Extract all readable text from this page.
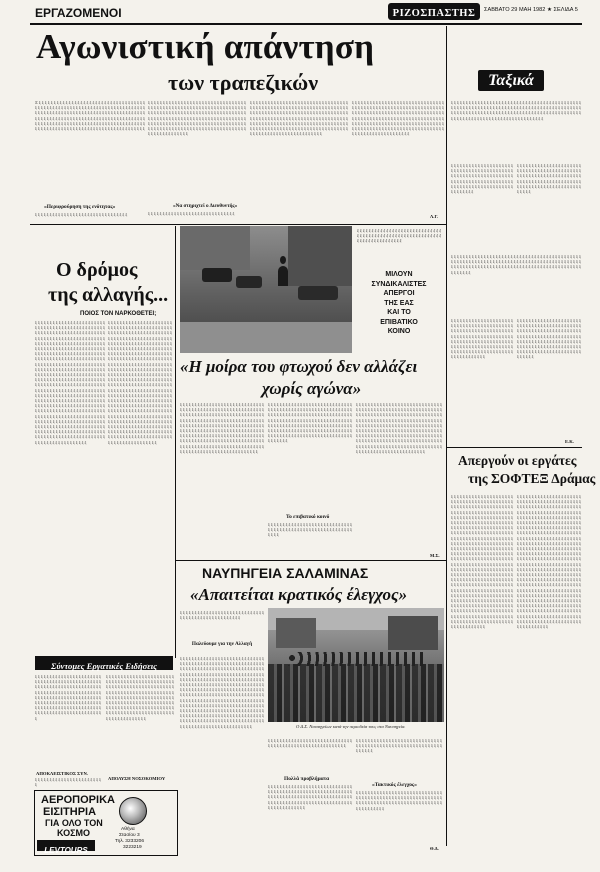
ΕΡΓΑΖΟΜΕΝΟΙ	ΡΙΖΟΣΠΑΣΤΗΣ	ΣΑΒΒΑΤΟ 29 ΜΑΗ 1982 ★ ΣΕΛΙΔΑ 5
Αγωνιστική απάντηση
των τραπεζικών
Ξ ξ ξ ξ ξ ξ ξ ξ ξ ξ ξ ξ ξ ξ ξ ξ ξ ξ ξ ξ ξ ξ ξ ξ ξ ξ ξ ξ ξ ξ ξ ξ ξ ξ ξ ξ ξ ξ ξ ξ ξ ξ ξ ξ ξ ξ ξ ξ ξ ξ ξ ξ ξ ξ ξ ξ ξ ξ ξ ξ ξ ξ ξ ξ ξ ξ ξ ξ ξ ξ ξ ξ ξ ξ ξ ξ ξ ξ ξ ξ ξ ξ ξ ξ ξ ξ ξ ξ ξ ξ ξ ξ ξ ξ ξ ξ ξ ξ ξ ξ ξ ξ ξ ξ ξ ξ ξ ξ ξ ξ ξ ξ ξ ξ ξ ξ ξ ξ ξ ξ ξ ξ ξ ξ ξ ξ ξ ξ ξ ξ ξ ξ ξ ξ ξ ξ ξ ξ ξ ξ ξ ξ ξ ξ ξ ξ ξ ξ ξ ξ ξ ξ ξ ξ ξ ξ ξ ξ ξ ξ ξ ξ ξ ξ ξ ξ ξ ξ ξ ξ ξ ξ ξ ξ ξ ξ ξ ξ ξ ξ ξ ξ ξ ξ ξ ξ ξ ξ ξ ξ ξ ξ ξ ξ ξ ξ ξ ξ ξ ξ ξ ξ ξ ξ ξ ξ ξ ξ ξ ξ ξ ξ ξ ξ ξ ξ ξ ξ ξ ξ ξ ξ ξ ξ ξ ξ ξ
«Περιφρούρηση της ενότητας»
ξ ξ ξ ξ ξ ξ ξ ξ ξ ξ ξ ξ ξ ξ ξ ξ ξ ξ ξ ξ ξ ξ ξ ξ ξ ξ ξ ξ ξ ξ ξ ξ
ξ ξ ξ ξ ξ ξ ξ ξ ξ ξ ξ ξ ξ ξ ξ ξ ξ ξ ξ ξ ξ ξ ξ ξ ξ ξ ξ ξ ξ ξ ξ ξ ξ ξ ξ ξ ξ ξ ξ ξ ξ ξ ξ ξ ξ ξ ξ ξ ξ ξ ξ ξ ξ ξ ξ ξ ξ ξ ξ ξ ξ ξ ξ ξ ξ ξ ξ ξ ξ ξ ξ ξ ξ ξ ξ ξ ξ ξ ξ ξ ξ ξ ξ ξ ξ ξ ξ ξ ξ ξ ξ ξ ξ ξ ξ ξ ξ ξ ξ ξ ξ ξ ξ ξ ξ ξ ξ ξ ξ ξ ξ ξ ξ ξ ξ ξ ξ ξ ξ ξ ξ ξ ξ ξ ξ ξ ξ ξ ξ ξ ξ ξ ξ ξ ξ ξ ξ ξ ξ ξ ξ ξ ξ ξ ξ ξ ξ ξ ξ ξ ξ ξ ξ ξ ξ ξ ξ ξ ξ ξ ξ ξ ξ ξ ξ ξ ξ ξ ξ ξ ξ ξ ξ ξ ξ ξ ξ ξ ξ ξ ξ ξ ξ ξ ξ ξ ξ ξ ξ ξ ξ ξ ξ ξ ξ ξ ξ ξ ξ ξ ξ ξ ξ ξ ξ ξ ξ ξ ξ ξ ξ ξ
«Να στηριχτεί ο Διευθυντής»
ξ ξ ξ ξ ξ ξ ξ ξ ξ ξ ξ ξ ξ ξ ξ ξ ξ ξ ξ ξ ξ ξ ξ ξ ξ ξ ξ ξ ξ ξ
ξ ξ ξ ξ ξ ξ ξ ξ ξ ξ ξ ξ ξ ξ ξ ξ ξ ξ ξ ξ ξ ξ ξ ξ ξ ξ ξ ξ ξ ξ ξ ξ ξ ξ ξ ξ ξ ξ ξ ξ ξ ξ ξ ξ ξ ξ ξ ξ ξ ξ ξ ξ ξ ξ ξ ξ ξ ξ ξ ξ ξ ξ ξ ξ ξ ξ ξ ξ ξ ξ ξ ξ ξ ξ ξ ξ ξ ξ ξ ξ ξ ξ ξ ξ ξ ξ ξ ξ ξ ξ ξ ξ ξ ξ ξ ξ ξ ξ ξ ξ ξ ξ ξ ξ ξ ξ ξ ξ ξ ξ ξ ξ ξ ξ ξ ξ ξ ξ ξ ξ ξ ξ ξ ξ ξ ξ ξ ξ ξ ξ ξ ξ ξ ξ ξ ξ ξ ξ ξ ξ ξ ξ ξ ξ ξ ξ ξ ξ ξ ξ ξ ξ ξ ξ ξ ξ ξ ξ ξ ξ ξ ξ ξ ξ ξ ξ ξ ξ ξ ξ ξ ξ ξ ξ ξ ξ ξ ξ ξ ξ ξ ξ ξ ξ ξ ξ ξ ξ ξ ξ ξ ξ ξ ξ ξ ξ ξ ξ ξ ξ ξ ξ ξ ξ ξ ξ ξ ξ ξ ξ ξ ξ ξ ξ ξ ξ ξ ξ ξ ξ ξ ξ ξ
ξ ξ ξ ξ ξ ξ ξ ξ ξ ξ ξ ξ ξ ξ ξ ξ ξ ξ ξ ξ ξ ξ ξ ξ ξ ξ ξ ξ ξ ξ ξ ξ ξ ξ ξ ξ ξ ξ ξ ξ ξ ξ ξ ξ ξ ξ ξ ξ ξ ξ ξ ξ ξ ξ ξ ξ ξ ξ ξ ξ ξ ξ ξ ξ ξ ξ ξ ξ ξ ξ ξ ξ ξ ξ ξ ξ ξ ξ ξ ξ ξ ξ ξ ξ ξ ξ ξ ξ ξ ξ ξ ξ ξ ξ ξ ξ ξ ξ ξ ξ ξ ξ ξ ξ ξ ξ ξ ξ ξ ξ ξ ξ ξ ξ ξ ξ ξ ξ ξ ξ ξ ξ ξ ξ ξ ξ ξ ξ ξ ξ ξ ξ ξ ξ ξ ξ ξ ξ ξ ξ ξ ξ ξ ξ ξ ξ ξ ξ ξ ξ ξ ξ ξ ξ ξ ξ ξ ξ ξ ξ ξ ξ ξ ξ ξ ξ ξ ξ ξ ξ ξ ξ ξ ξ ξ ξ ξ ξ ξ ξ ξ ξ ξ ξ ξ ξ ξ ξ ξ ξ ξ ξ ξ ξ ξ ξ ξ ξ ξ ξ ξ ξ ξ ξ ξ ξ
Λ.Γ.
Ταξικά
ξ ξ ξ ξ ξ ξ ξ ξ ξ ξ ξ ξ ξ ξ ξ ξ ξ ξ ξ ξ ξ ξ ξ ξ ξ ξ ξ ξ ξ ξ ξ ξ ξ ξ ξ ξ ξ ξ ξ ξ ξ ξ ξ ξ ξ ξ ξ ξ ξ ξ ξ ξ ξ ξ ξ ξ ξ ξ ξ ξ ξ ξ ξ ξ ξ ξ ξ ξ ξ ξ ξ ξ ξ ξ ξ ξ ξ ξ ξ ξ ξ ξ ξ ξ ξ ξ ξ ξ ξ ξ ξ ξ ξ ξ ξ ξ ξ ξ ξ ξ ξ ξ ξ ξ ξ ξ ξ ξ ξ ξ ξ ξ ξ ξ ξ ξ ξ ξ ξ ξ ξ ξ ξ ξ ξ ξ ξ ξ ξ ξ ξ ξ ξ ξ ξ ξ ξ ξ ξ ξ ξ ξ ξ ξ ξ ξ ξ ξ ξ ξ ξ ξ ξ ξ ξ ξ ξ ξ ξ ξ ξ ξ ξ ξ
ξ ξ ξ ξ ξ ξ ξ ξ ξ ξ ξ ξ ξ ξ ξ ξ ξ ξ ξ ξ ξ ξ ξ ξ ξ ξ ξ ξ ξ ξ ξ ξ ξ ξ ξ ξ ξ ξ ξ ξ ξ ξ ξ ξ ξ ξ ξ ξ ξ ξ ξ ξ ξ ξ ξ ξ ξ ξ ξ ξ ξ ξ ξ ξ ξ ξ ξ ξ ξ ξ ξ ξ ξ ξ ξ ξ ξ ξ ξ ξ ξ ξ ξ ξ ξ ξ ξ ξ ξ ξ ξ ξ ξ ξ ξ ξ ξ ξ ξ ξ ξ ξ ξ ξ ξ ξ ξ ξ ξ ξ ξ ξ ξ
ξ ξ ξ ξ ξ ξ ξ ξ ξ ξ ξ ξ ξ ξ ξ ξ ξ ξ ξ ξ ξ ξ ξ ξ ξ ξ ξ ξ ξ ξ ξ ξ ξ ξ ξ ξ ξ ξ ξ ξ ξ ξ ξ ξ ξ ξ ξ ξ ξ ξ ξ ξ ξ ξ ξ ξ ξ ξ ξ ξ ξ ξ ξ ξ ξ ξ ξ ξ ξ ξ ξ ξ ξ ξ ξ ξ ξ ξ ξ ξ ξ ξ ξ ξ ξ ξ ξ ξ ξ ξ ξ ξ ξ ξ ξ ξ ξ ξ ξ ξ ξ ξ ξ ξ ξ ξ ξ ξ ξ ξ ξ ξ ξ ξ ξ
ξ ξ ξ ξ ξ ξ ξ ξ ξ ξ ξ ξ ξ ξ ξ ξ ξ ξ ξ ξ ξ ξ ξ ξ ξ ξ ξ ξ ξ ξ ξ ξ ξ ξ ξ ξ ξ ξ ξ ξ ξ ξ ξ ξ ξ ξ ξ ξ ξ ξ ξ ξ ξ ξ ξ ξ ξ ξ ξ ξ ξ ξ ξ ξ ξ ξ ξ ξ ξ ξ ξ ξ ξ ξ ξ ξ ξ ξ ξ ξ ξ ξ ξ ξ ξ ξ ξ ξ ξ ξ ξ ξ ξ ξ ξ ξ ξ ξ ξ ξ ξ ξ ξ ξ ξ ξ ξ ξ ξ ξ ξ ξ ξ ξ ξ ξ ξ ξ ξ ξ ξ ξ ξ ξ ξ ξ ξ ξ ξ ξ ξ ξ ξ ξ ξ ξ ξ ξ ξ
ξ ξ ξ ξ ξ ξ ξ ξ ξ ξ ξ ξ ξ ξ ξ ξ ξ ξ ξ ξ ξ ξ ξ ξ ξ ξ ξ ξ ξ ξ ξ ξ ξ ξ ξ ξ ξ ξ ξ ξ ξ ξ ξ ξ ξ ξ ξ ξ ξ ξ ξ ξ ξ ξ ξ ξ ξ ξ ξ ξ ξ ξ ξ ξ ξ ξ ξ ξ ξ ξ ξ ξ ξ ξ ξ ξ ξ ξ ξ ξ ξ ξ ξ ξ ξ ξ ξ ξ ξ ξ ξ ξ ξ ξ ξ ξ ξ ξ ξ ξ ξ ξ ξ ξ ξ ξ ξ ξ ξ ξ ξ ξ ξ ξ ξ ξ ξ ξ ξ ξ ξ ξ ξ ξ ξ ξ ξ ξ ξ ξ ξ ξ ξ ξ ξ ξ ξ ξ ξ ξ ξ ξ ξ ξ ξ ξ ξ ξ ξ ξ ξ ξ ξ ξ ξ ξ ξ ξ ξ
ξ ξ ξ ξ ξ ξ ξ ξ ξ ξ ξ ξ ξ ξ ξ ξ ξ ξ ξ ξ ξ ξ ξ ξ ξ ξ ξ ξ ξ ξ ξ ξ ξ ξ ξ ξ ξ ξ ξ ξ ξ ξ ξ ξ ξ ξ ξ ξ ξ ξ ξ ξ ξ ξ ξ ξ ξ ξ ξ ξ ξ ξ ξ ξ ξ ξ ξ ξ ξ ξ ξ ξ ξ ξ ξ ξ ξ ξ ξ ξ ξ ξ ξ ξ ξ ξ ξ ξ ξ ξ ξ ξ ξ ξ ξ ξ ξ ξ ξ ξ ξ ξ ξ ξ ξ ξ ξ ξ ξ ξ ξ ξ ξ ξ ξ ξ ξ ξ ξ ξ ξ ξ ξ ξ ξ ξ ξ ξ ξ ξ ξ ξ ξ ξ ξ ξ ξ ξ ξ ξ ξ ξ ξ ξ ξ ξ ξ ξ ξ ξ ξ ξ ξ ξ ξ ξ ξ ξ ξ ξ
Ε.Κ.
Απεργούν οι εργάτες
της ΣΟΦΤΕΞ Δράμας
ξ ξ ξ ξ ξ ξ ξ ξ ξ ξ ξ ξ ξ ξ ξ ξ ξ ξ ξ ξ ξ ξ ξ ξ ξ ξ ξ ξ ξ ξ ξ ξ ξ ξ ξ ξ ξ ξ ξ ξ ξ ξ ξ ξ ξ ξ ξ ξ ξ ξ ξ ξ ξ ξ ξ ξ ξ ξ ξ ξ ξ ξ ξ ξ ξ ξ ξ ξ ξ ξ ξ ξ ξ ξ ξ ξ ξ ξ ξ ξ ξ ξ ξ ξ ξ ξ ξ ξ ξ ξ ξ ξ ξ ξ ξ ξ ξ ξ ξ ξ ξ ξ ξ ξ ξ ξ ξ ξ ξ ξ ξ ξ ξ ξ ξ ξ ξ ξ ξ ξ ξ ξ ξ ξ ξ ξ ξ ξ ξ ξ ξ ξ ξ ξ ξ ξ ξ ξ ξ ξ ξ ξ ξ ξ ξ ξ ξ ξ ξ ξ ξ ξ ξ ξ ξ ξ ξ ξ ξ ξ ξ ξ ξ ξ ξ ξ ξ ξ ξ ξ ξ ξ ξ ξ ξ ξ ξ ξ ξ ξ ξ ξ ξ ξ ξ ξ ξ ξ ξ ξ ξ ξ ξ ξ ξ ξ ξ ξ ξ ξ ξ ξ ξ ξ ξ ξ ξ ξ ξ ξ ξ ξ ξ ξ ξ ξ ξ ξ ξ ξ ξ ξ ξ ξ ξ ξ ξ ξ ξ ξ ξ ξ ξ ξ ξ ξ ξ ξ ξ ξ ξ ξ ξ ξ ξ ξ ξ ξ ξ ξ ξ ξ ξ ξ ξ ξ ξ ξ ξ ξ ξ ξ ξ ξ ξ ξ ξ ξ ξ ξ ξ ξ ξ ξ ξ ξ ξ ξ ξ ξ ξ ξ ξ ξ ξ ξ ξ ξ ξ ξ ξ ξ ξ ξ ξ ξ ξ ξ ξ ξ ξ ξ ξ ξ ξ ξ ξ ξ ξ ξ ξ ξ ξ ξ ξ ξ ξ ξ ξ ξ ξ ξ ξ ξ ξ ξ ξ ξ ξ ξ ξ ξ ξ ξ ξ ξ ξ ξ ξ ξ ξ ξ ξ ξ ξ ξ ξ ξ ξ ξ ξ ξ ξ ξ ξ ξ ξ ξ ξ ξ ξ ξ ξ ξ ξ ξ ξ ξ ξ ξ ξ ξ ξ ξ ξ ξ ξ ξ ξ ξ ξ ξ ξ ξ ξ ξ ξ ξ ξ ξ ξ ξ ξ ξ ξ ξ ξ ξ ξ ξ ξ ξ ξ ξ ξ ξ ξ ξ ξ ξ ξ ξ ξ ξ ξ ξ ξ ξ ξ ξ ξ ξ ξ ξ ξ ξ ξ ξ ξ ξ ξ ξ ξ ξ ξ ξ ξ ξ ξ ξ ξ ξ ξ ξ ξ ξ ξ ξ ξ ξ ξ ξ ξ ξ ξ ξ ξ ξ ξ ξ ξ ξ ξ ξ ξ ξ ξ ξ ξ ξ ξ ξ ξ ξ ξ ξ ξ ξ ξ ξ ξ ξ ξ ξ ξ ξ ξ ξ ξ ξ ξ ξ ξ ξ ξ ξ ξ ξ ξ ξ ξ ξ ξ ξ ξ ξ ξ ξ ξ ξ ξ ξ ξ ξ ξ ξ ξ ξ ξ ξ ξ ξ ξ ξ ξ ξ ξ ξ ξ ξ ξ ξ ξ ξ ξ ξ ξ
ξ ξ ξ ξ ξ ξ ξ ξ ξ ξ ξ ξ ξ ξ ξ ξ ξ ξ ξ ξ ξ ξ ξ ξ ξ ξ ξ ξ ξ ξ ξ ξ ξ ξ ξ ξ ξ ξ ξ ξ ξ ξ ξ ξ ξ ξ ξ ξ ξ ξ ξ ξ ξ ξ ξ ξ ξ ξ ξ ξ ξ ξ ξ ξ ξ ξ ξ ξ ξ ξ ξ ξ ξ ξ ξ ξ ξ ξ ξ ξ ξ ξ ξ ξ ξ ξ ξ ξ ξ ξ ξ ξ ξ ξ ξ ξ ξ ξ ξ ξ ξ ξ ξ ξ ξ ξ ξ ξ ξ ξ ξ ξ ξ ξ ξ ξ ξ ξ ξ ξ ξ ξ ξ ξ ξ ξ ξ ξ ξ ξ ξ ξ ξ ξ ξ ξ ξ ξ ξ ξ ξ ξ ξ ξ ξ ξ ξ ξ ξ ξ ξ ξ ξ ξ ξ ξ ξ ξ ξ ξ ξ ξ ξ ξ ξ ξ ξ ξ ξ ξ ξ ξ ξ ξ ξ ξ ξ ξ ξ ξ ξ ξ ξ ξ ξ ξ ξ ξ ξ ξ ξ ξ ξ ξ ξ ξ ξ ξ ξ ξ ξ ξ ξ ξ ξ ξ ξ ξ ξ ξ ξ ξ ξ ξ ξ ξ ξ ξ ξ ξ ξ ξ ξ ξ ξ ξ ξ ξ ξ ξ ξ ξ ξ ξ ξ ξ ξ ξ ξ ξ ξ ξ ξ ξ ξ ξ ξ ξ ξ ξ ξ ξ ξ ξ ξ ξ ξ ξ ξ ξ ξ ξ ξ ξ ξ ξ ξ ξ ξ ξ ξ ξ ξ ξ ξ ξ ξ ξ ξ ξ ξ ξ ξ ξ ξ ξ ξ ξ ξ ξ ξ ξ ξ ξ ξ ξ ξ ξ ξ ξ ξ ξ ξ ξ ξ ξ ξ ξ ξ ξ ξ ξ ξ ξ ξ ξ ξ ξ ξ ξ ξ ξ ξ ξ ξ ξ ξ ξ ξ ξ ξ ξ ξ ξ ξ ξ ξ ξ ξ ξ ξ ξ ξ ξ ξ ξ ξ ξ ξ ξ ξ ξ ξ ξ ξ ξ ξ ξ ξ ξ ξ ξ ξ ξ ξ ξ ξ ξ ξ ξ ξ ξ ξ ξ ξ ξ ξ ξ ξ ξ ξ ξ ξ ξ ξ ξ ξ ξ ξ ξ ξ ξ ξ ξ ξ ξ ξ ξ ξ ξ ξ ξ ξ ξ ξ ξ ξ ξ ξ ξ ξ ξ ξ ξ ξ ξ ξ ξ ξ ξ ξ ξ ξ ξ ξ ξ ξ ξ ξ ξ ξ ξ ξ ξ ξ ξ ξ ξ ξ ξ ξ ξ ξ ξ ξ ξ ξ ξ ξ ξ ξ ξ ξ ξ ξ ξ ξ ξ ξ ξ ξ ξ ξ ξ ξ ξ ξ ξ ξ ξ ξ ξ ξ ξ ξ ξ ξ ξ ξ ξ ξ ξ ξ ξ ξ ξ ξ ξ ξ ξ ξ ξ ξ ξ ξ ξ ξ ξ ξ ξ ξ ξ ξ ξ ξ ξ ξ ξ ξ ξ ξ ξ ξ ξ ξ ξ ξ ξ ξ ξ ξ ξ ξ ξ ξ ξ ξ ξ ξ ξ ξ ξ ξ ξ ξ ξ ξ ξ ξ ξ ξ ξ ξ ξ ξ ξ ξ ξ ξ ξ ξ ξ ξ ξ ξ ξ ξ ξ ξ ξ ξ
Ο δρόμος
της αλλαγής...
ΠΟΙΟΣ ΤΟΝ ΝΑΡΚΟΘΕΤΕΙ;
ξ ξ ξ ξ ξ ξ ξ ξ ξ ξ ξ ξ ξ ξ ξ ξ ξ ξ ξ ξ ξ ξ ξ ξ ξ ξ ξ ξ ξ ξ ξ ξ ξ ξ ξ ξ ξ ξ ξ ξ ξ ξ ξ ξ ξ ξ ξ ξ ξ ξ ξ ξ ξ ξ ξ ξ ξ ξ ξ ξ ξ ξ ξ ξ ξ ξ ξ ξ ξ ξ ξ ξ ξ ξ ξ ξ ξ ξ ξ ξ ξ ξ ξ ξ ξ ξ ξ ξ ξ ξ ξ ξ ξ ξ ξ ξ ξ ξ ξ ξ ξ ξ ξ ξ ξ ξ ξ ξ ξ ξ ξ ξ ξ ξ ξ ξ ξ ξ ξ ξ ξ ξ ξ ξ ξ ξ ξ ξ ξ ξ ξ ξ ξ ξ ξ ξ ξ ξ ξ ξ ξ ξ ξ ξ ξ ξ ξ ξ ξ ξ ξ ξ ξ ξ ξ ξ ξ ξ ξ ξ ξ ξ ξ ξ ξ ξ ξ ξ ξ ξ ξ ξ ξ ξ ξ ξ ξ ξ ξ ξ ξ ξ ξ ξ ξ ξ ξ ξ ξ ξ ξ ξ ξ ξ ξ ξ ξ ξ ξ ξ ξ ξ ξ ξ ξ ξ ξ ξ ξ ξ ξ ξ ξ ξ ξ ξ ξ ξ ξ ξ ξ ξ ξ ξ ξ ξ ξ ξ ξ ξ ξ ξ ξ ξ ξ ξ ξ ξ ξ ξ ξ ξ ξ ξ ξ ξ ξ ξ ξ ξ ξ ξ ξ ξ ξ ξ ξ ξ ξ ξ ξ ξ ξ ξ ξ ξ ξ ξ ξ ξ ξ ξ ξ ξ ξ ξ ξ ξ ξ ξ ξ ξ ξ ξ ξ ξ ξ ξ ξ ξ ξ ξ ξ ξ ξ ξ ξ ξ ξ ξ ξ ξ ξ ξ ξ ξ ξ ξ ξ ξ ξ ξ ξ ξ ξ ξ ξ ξ ξ ξ ξ ξ ξ ξ ξ ξ ξ ξ ξ ξ ξ ξ ξ ξ ξ ξ ξ ξ ξ ξ ξ ξ ξ ξ ξ ξ ξ ξ ξ ξ ξ ξ ξ ξ ξ ξ ξ ξ ξ ξ ξ ξ ξ ξ ξ ξ ξ ξ ξ ξ ξ ξ ξ ξ ξ ξ ξ ξ ξ ξ ξ ξ ξ ξ ξ ξ ξ ξ ξ ξ ξ ξ ξ ξ ξ ξ ξ ξ ξ ξ ξ ξ ξ ξ ξ ξ ξ ξ ξ ξ ξ ξ ξ ξ ξ ξ ξ ξ ξ ξ ξ ξ ξ ξ ξ ξ ξ ξ ξ ξ ξ ξ ξ ξ ξ ξ ξ ξ ξ ξ ξ ξ ξ ξ ξ ξ ξ ξ ξ ξ ξ ξ ξ ξ ξ ξ ξ ξ ξ ξ ξ ξ ξ ξ ξ ξ ξ ξ ξ ξ ξ ξ ξ ξ ξ ξ ξ ξ ξ ξ ξ ξ ξ ξ ξ ξ ξ ξ ξ ξ ξ ξ ξ ξ ξ ξ ξ ξ ξ ξ ξ ξ ξ ξ ξ ξ ξ ξ ξ ξ ξ ξ ξ ξ ξ ξ ξ ξ ξ ξ ξ ξ ξ ξ ξ ξ ξ ξ ξ ξ ξ ξ ξ ξ ξ ξ ξ ξ ξ ξ ξ ξ ξ ξ ξ ξ ξ ξ ξ ξ ξ ξ ξ ξ ξ ξ ξ ξ ξ ξ ξ ξ ξ ξ ξ ξ ξ ξ ξ ξ
ξ ξ ξ ξ ξ ξ ξ ξ ξ ξ ξ ξ ξ ξ ξ ξ ξ ξ ξ ξ ξ ξ ξ ξ ξ ξ ξ ξ ξ ξ ξ ξ ξ ξ ξ ξ ξ ξ ξ ξ ξ ξ ξ ξ ξ ξ ξ ξ ξ ξ ξ ξ ξ ξ ξ ξ ξ ξ ξ ξ ξ ξ ξ ξ ξ ξ ξ ξ ξ ξ ξ ξ ξ ξ ξ ξ ξ ξ ξ ξ ξ ξ ξ ξ ξ ξ ξ ξ ξ ξ ξ ξ ξ ξ ξ ξ ξ ξ ξ ξ ξ ξ ξ ξ ξ ξ ξ ξ ξ ξ ξ ξ ξ ξ ξ ξ ξ ξ ξ ξ ξ ξ ξ ξ ξ ξ ξ ξ ξ ξ ξ ξ ξ ξ ξ ξ ξ ξ ξ ξ ξ ξ ξ ξ ξ ξ ξ ξ ξ ξ ξ ξ ξ ξ ξ ξ ξ ξ ξ ξ ξ ξ ξ ξ ξ ξ ξ ξ ξ ξ ξ ξ ξ ξ ξ ξ ξ ξ ξ ξ ξ ξ ξ ξ ξ ξ ξ ξ ξ ξ ξ ξ ξ ξ ξ ξ ξ ξ ξ ξ ξ ξ ξ ξ ξ ξ ξ ξ ξ ξ ξ ξ ξ ξ ξ ξ ξ ξ ξ ξ ξ ξ ξ ξ ξ ξ ξ ξ ξ ξ ξ ξ ξ ξ ξ ξ ξ ξ ξ ξ ξ ξ ξ ξ ξ ξ ξ ξ ξ ξ ξ ξ ξ ξ ξ ξ ξ ξ ξ ξ ξ ξ ξ ξ ξ ξ ξ ξ ξ ξ ξ ξ ξ ξ ξ ξ ξ ξ ξ ξ ξ ξ ξ ξ ξ ξ ξ ξ ξ ξ ξ ξ ξ ξ ξ ξ ξ ξ ξ ξ ξ ξ ξ ξ ξ ξ ξ ξ ξ ξ ξ ξ ξ ξ ξ ξ ξ ξ ξ ξ ξ ξ ξ ξ ξ ξ ξ ξ ξ ξ ξ ξ ξ ξ ξ ξ ξ ξ ξ ξ ξ ξ ξ ξ ξ ξ ξ ξ ξ ξ ξ ξ ξ ξ ξ ξ ξ ξ ξ ξ ξ ξ ξ ξ ξ ξ ξ ξ ξ ξ ξ ξ ξ ξ ξ ξ ξ ξ ξ ξ ξ ξ ξ ξ ξ ξ ξ ξ ξ ξ ξ ξ ξ ξ ξ ξ ξ ξ ξ ξ ξ ξ ξ ξ ξ ξ ξ ξ ξ ξ ξ ξ ξ ξ ξ ξ ξ ξ ξ ξ ξ ξ ξ ξ ξ ξ ξ ξ ξ ξ ξ ξ ξ ξ ξ ξ ξ ξ ξ ξ ξ ξ ξ ξ ξ ξ ξ ξ ξ ξ ξ ξ ξ ξ ξ ξ ξ ξ ξ ξ ξ ξ ξ ξ ξ ξ ξ ξ ξ ξ ξ ξ ξ ξ ξ ξ ξ ξ ξ ξ ξ ξ ξ ξ ξ ξ ξ ξ ξ ξ ξ ξ ξ ξ ξ ξ ξ ξ ξ ξ ξ ξ ξ ξ ξ ξ ξ ξ ξ ξ ξ ξ ξ ξ ξ ξ ξ ξ ξ ξ ξ ξ ξ
Σύντομες Εργατικές Ειδήσεις
ξ ξ ξ ξ ξ ξ ξ ξ ξ ξ ξ ξ ξ ξ ξ ξ ξ ξ ξ ξ ξ ξ ξ ξ ξ ξ ξ ξ ξ ξ ξ ξ ξ ξ ξ ξ ξ ξ ξ ξ ξ ξ ξ ξ ξ ξ ξ ξ ξ ξ ξ ξ ξ ξ ξ ξ ξ ξ ξ ξ ξ ξ ξ ξ ξ ξ ξ ξ ξ ξ ξ ξ ξ ξ ξ ξ ξ ξ ξ ξ ξ ξ ξ ξ ξ ξ ξ ξ ξ ξ ξ ξ ξ ξ ξ ξ ξ ξ ξ ξ ξ ξ ξ ξ ξ ξ ξ ξ ξ ξ ξ ξ ξ ξ ξ ξ ξ ξ ξ ξ ξ ξ ξ ξ ξ ξ ξ ξ ξ ξ ξ ξ ξ ξ ξ ξ ξ ξ ξ ξ ξ ξ ξ ξ ξ ξ ξ ξ ξ ξ ξ ξ ξ ξ ξ ξ ξ ξ ξ ξ ξ ξ ξ ξ ξ ξ ξ ξ ξ ξ ξ ξ ξ ξ ξ ξ ξ ξ ξ ξ ξ ξ ξ ξ ξ
ΑΠΟΚΛΕΙΣΤΙΚΟΣ ΣΥΝ.
ξ ξ ξ ξ ξ ξ ξ ξ ξ ξ ξ ξ ξ ξ ξ ξ ξ ξ ξ ξ ξ ξ ξ ξ
ξ ξ ξ ξ ξ ξ ξ ξ ξ ξ ξ ξ ξ ξ ξ ξ ξ ξ ξ ξ ξ ξ ξ ξ ξ ξ ξ ξ ξ ξ ξ ξ ξ ξ ξ ξ ξ ξ ξ ξ ξ ξ ξ ξ ξ ξ ξ ξ ξ ξ ξ ξ ξ ξ ξ ξ ξ ξ ξ ξ ξ ξ ξ ξ ξ ξ ξ ξ ξ ξ ξ ξ ξ ξ ξ ξ ξ ξ ξ ξ ξ ξ ξ ξ ξ ξ ξ ξ ξ ξ ξ ξ ξ ξ ξ ξ ξ ξ ξ ξ ξ ξ ξ ξ ξ ξ ξ ξ ξ ξ ξ ξ ξ ξ ξ ξ ξ ξ ξ ξ ξ ξ ξ ξ ξ ξ ξ ξ ξ ξ ξ ξ ξ ξ ξ ξ ξ ξ ξ ξ ξ ξ ξ ξ ξ ξ ξ ξ ξ ξ ξ ξ ξ ξ ξ ξ ξ ξ ξ ξ ξ ξ ξ ξ ξ ξ ξ ξ ξ ξ ξ ξ ξ ξ ξ ξ ξ ξ ξ ξ ξ ξ ξ ξ ξ ξ ξ ξ ξ ξ ξ ξ ξ ξ ξ ξ ξ ξ
ΑΠΟΛΥΣΗ ΝΟΣΟΚΟΜΙΟΥ
ΑΕΡΟΠΟΡΙΚΑ
ΕΙΣΙΤΗΡΙΑ
ΓΙΑ ΟΛΟ ΤΟΝ
ΚΟΣΜΟ
LEVTOURS
Αθήνα
Στασίου 3
Τηλ. 3233206
3223219
ξ ξ ξ ξ ξ ξ ξ ξ ξ ξ ξ ξ ξ ξ ξ ξ ξ ξ ξ ξ ξ ξ ξ ξ ξ ξ ξ ξ ξ ξ ξ ξ ξ ξ ξ ξ ξ ξ ξ ξ ξ ξ ξ ξ ξ ξ ξ ξ ξ ξ ξ ξ ξ ξ ξ ξ ξ ξ ξ ξ ξ ξ ξ ξ ξ ξ ξ ξ ξ ξ ξ ξ ξ ξ
ΜΙΛΟΥΝ
ΣΥΝΔΙΚΑΛΙΣΤΕΣ
ΑΠΕΡΓΟΙ
ΤΗΣ ΕΑΣ
ΚΑΙ ΤΟ
ΕΠΙΒΑΤΙΚΟ
ΚΟΙΝΟ
«Η μοίρα του φτωχού δεν αλλάζει
χωρίς αγώνα»
ξ ξ ξ ξ ξ ξ ξ ξ ξ ξ ξ ξ ξ ξ ξ ξ ξ ξ ξ ξ ξ ξ ξ ξ ξ ξ ξ ξ ξ ξ ξ ξ ξ ξ ξ ξ ξ ξ ξ ξ ξ ξ ξ ξ ξ ξ ξ ξ ξ ξ ξ ξ ξ ξ ξ ξ ξ ξ ξ ξ ξ ξ ξ ξ ξ ξ ξ ξ ξ ξ ξ ξ ξ ξ ξ ξ ξ ξ ξ ξ ξ ξ ξ ξ ξ ξ ξ ξ ξ ξ ξ ξ ξ ξ ξ ξ ξ ξ ξ ξ ξ ξ ξ ξ ξ ξ ξ ξ ξ ξ ξ ξ ξ ξ ξ ξ ξ ξ ξ ξ ξ ξ ξ ξ ξ ξ ξ ξ ξ ξ ξ ξ ξ ξ ξ ξ ξ ξ ξ ξ ξ ξ ξ ξ ξ ξ ξ ξ ξ ξ ξ ξ ξ ξ ξ ξ ξ ξ ξ ξ ξ ξ ξ ξ ξ ξ ξ ξ ξ ξ ξ ξ ξ ξ ξ ξ ξ ξ ξ ξ ξ ξ ξ ξ ξ ξ ξ ξ ξ ξ ξ ξ ξ ξ ξ ξ ξ ξ ξ ξ ξ ξ ξ ξ ξ ξ ξ ξ ξ ξ ξ ξ ξ ξ ξ ξ ξ ξ ξ ξ ξ ξ ξ ξ ξ ξ ξ ξ ξ ξ ξ ξ ξ ξ ξ ξ ξ ξ ξ ξ ξ ξ ξ ξ ξ ξ ξ ξ ξ ξ ξ ξ ξ ξ ξ ξ ξ ξ ξ ξ ξ ξ ξ ξ ξ ξ ξ ξ ξ ξ ξ ξ ξ ξ ξ ξ ξ ξ ξ ξ ξ ξ ξ ξ ξ ξ ξ ξ
ξ ξ ξ ξ ξ ξ ξ ξ ξ ξ ξ ξ ξ ξ ξ ξ ξ ξ ξ ξ ξ ξ ξ ξ ξ ξ ξ ξ ξ ξ ξ ξ ξ ξ ξ ξ ξ ξ ξ ξ ξ ξ ξ ξ ξ ξ ξ ξ ξ ξ ξ ξ ξ ξ ξ ξ ξ ξ ξ ξ ξ ξ ξ ξ ξ ξ ξ ξ ξ ξ ξ ξ ξ ξ ξ ξ ξ ξ ξ ξ ξ ξ ξ ξ ξ ξ ξ ξ ξ ξ ξ ξ ξ ξ ξ ξ ξ ξ ξ ξ ξ ξ ξ ξ ξ ξ ξ ξ ξ ξ ξ ξ ξ ξ ξ ξ ξ ξ ξ ξ ξ ξ ξ ξ ξ ξ ξ ξ ξ ξ ξ ξ ξ ξ ξ ξ ξ ξ ξ ξ ξ ξ ξ ξ ξ ξ ξ ξ ξ ξ ξ ξ ξ ξ ξ ξ ξ ξ ξ ξ ξ ξ ξ ξ ξ ξ ξ ξ ξ ξ ξ ξ ξ ξ ξ ξ ξ ξ ξ ξ ξ ξ ξ ξ ξ ξ ξ ξ ξ ξ ξ ξ ξ ξ ξ ξ ξ ξ ξ ξ ξ ξ ξ ξ ξ ξ ξ ξ ξ ξ
Το επιβατικό κοινό
ξ ξ ξ ξ ξ ξ ξ ξ ξ ξ ξ ξ ξ ξ ξ ξ ξ ξ ξ ξ ξ ξ ξ ξ ξ ξ ξ ξ ξ ξ ξ ξ ξ ξ ξ ξ ξ ξ ξ ξ ξ ξ ξ ξ ξ ξ ξ ξ ξ ξ ξ ξ ξ ξ ξ ξ ξ ξ ξ ξ ξ ξ
ξ ξ ξ ξ ξ ξ ξ ξ ξ ξ ξ ξ ξ ξ ξ ξ ξ ξ ξ ξ ξ ξ ξ ξ ξ ξ ξ ξ ξ ξ ξ ξ ξ ξ ξ ξ ξ ξ ξ ξ ξ ξ ξ ξ ξ ξ ξ ξ ξ ξ ξ ξ ξ ξ ξ ξ ξ ξ ξ ξ ξ ξ ξ ξ ξ ξ ξ ξ ξ ξ ξ ξ ξ ξ ξ ξ ξ ξ ξ ξ ξ ξ ξ ξ ξ ξ ξ ξ ξ ξ ξ ξ ξ ξ ξ ξ ξ ξ ξ ξ ξ ξ ξ ξ ξ ξ ξ ξ ξ ξ ξ ξ ξ ξ ξ ξ ξ ξ ξ ξ ξ ξ ξ ξ ξ ξ ξ ξ ξ ξ ξ ξ ξ ξ ξ ξ ξ ξ ξ ξ ξ ξ ξ ξ ξ ξ ξ ξ ξ ξ ξ ξ ξ ξ ξ ξ ξ ξ ξ ξ ξ ξ ξ ξ ξ ξ ξ ξ ξ ξ ξ ξ ξ ξ ξ ξ ξ ξ ξ ξ ξ ξ ξ ξ ξ ξ ξ ξ ξ ξ ξ ξ ξ ξ ξ ξ ξ ξ ξ ξ ξ ξ ξ ξ ξ ξ ξ ξ ξ ξ ξ ξ ξ ξ ξ ξ ξ ξ ξ ξ ξ ξ ξ ξ ξ ξ ξ ξ ξ ξ ξ ξ ξ ξ ξ ξ ξ ξ ξ ξ ξ ξ ξ ξ ξ ξ ξ ξ ξ ξ ξ ξ ξ ξ ξ ξ ξ ξ ξ ξ ξ ξ ξ ξ ξ ξ ξ ξ ξ ξ ξ ξ ξ ξ ξ ξ ξ ξ ξ ξ ξ ξ ξ ξ ξ
Μ.Σ.
ΝΑΥΠΗΓΕΙΑ ΣΑΛΑΜΙΝΑΣ
«Απαιτείται κρατικός έλεγχος»
ξ ξ ξ ξ ξ ξ ξ ξ ξ ξ ξ ξ ξ ξ ξ ξ ξ ξ ξ ξ ξ ξ ξ ξ ξ ξ ξ ξ ξ ξ ξ ξ ξ ξ ξ ξ ξ ξ ξ ξ ξ ξ ξ ξ ξ ξ ξ ξ ξ ξ
Παλεύουμε για την Αλλαγή
ξ ξ ξ ξ ξ ξ ξ ξ ξ ξ ξ ξ ξ ξ ξ ξ ξ ξ ξ ξ ξ ξ ξ ξ ξ ξ ξ ξ ξ ξ ξ ξ ξ ξ ξ ξ ξ ξ ξ ξ ξ ξ ξ ξ ξ ξ ξ ξ ξ ξ ξ ξ ξ ξ ξ ξ ξ ξ ξ ξ ξ ξ ξ ξ ξ ξ ξ ξ ξ ξ ξ ξ ξ ξ ξ ξ ξ ξ ξ ξ ξ ξ ξ ξ ξ ξ ξ ξ ξ ξ ξ ξ ξ ξ ξ ξ ξ ξ ξ ξ ξ ξ ξ ξ ξ ξ ξ ξ ξ ξ ξ ξ ξ ξ ξ ξ ξ ξ ξ ξ ξ ξ ξ ξ ξ ξ ξ ξ ξ ξ ξ ξ ξ ξ ξ ξ ξ ξ ξ ξ ξ ξ ξ ξ ξ ξ ξ ξ ξ ξ ξ ξ ξ ξ ξ ξ ξ ξ ξ ξ ξ ξ ξ ξ ξ ξ ξ ξ ξ ξ ξ ξ ξ ξ ξ ξ ξ ξ ξ ξ ξ ξ ξ ξ ξ ξ ξ ξ ξ ξ ξ ξ ξ ξ ξ ξ ξ ξ ξ ξ ξ ξ ξ ξ ξ ξ ξ ξ ξ ξ ξ ξ ξ ξ ξ ξ ξ ξ ξ ξ ξ ξ ξ ξ ξ ξ ξ ξ ξ ξ ξ ξ ξ ξ ξ ξ ξ ξ ξ ξ ξ ξ ξ ξ ξ ξ ξ ξ ξ ξ ξ ξ ξ ξ ξ ξ ξ ξ ξ ξ ξ ξ ξ ξ ξ ξ ξ ξ ξ ξ ξ ξ ξ ξ ξ ξ ξ ξ ξ ξ ξ ξ ξ ξ ξ ξ ξ ξ ξ ξ ξ ξ ξ ξ ξ ξ ξ ξ ξ ξ ξ ξ ξ ξ ξ ξ ξ ξ ξ ξ ξ ξ ξ ξ ξ ξ ξ ξ ξ ξ ξ ξ ξ ξ ξ ξ ξ ξ ξ ξ ξ ξ ξ ξ ξ ξ ξ ξ ξ ξ ξ ξ ξ ξ ξ ξ ξ ξ ξ ξ ξ ξ ξ ξ ξ ξ ξ ξ ξ ξ ξ ξ ξ ξ ξ ξ ξ ξ ξ ξ ξ ξ ξ ξ ξ ξ ξ ξ ξ ξ ξ ξ ξ ξ ξ ξ ξ ξ ξ ξ ξ ξ ξ ξ ξ ξ ξ ξ ξ ξ ξ ξ	Ο Δ.Σ. Ναυπηγείων κατά την περιοδεία τους στα Ναυπηγεία.
ξ ξ ξ ξ ξ ξ ξ ξ ξ ξ ξ ξ ξ ξ ξ ξ ξ ξ ξ ξ ξ ξ ξ ξ ξ ξ ξ ξ ξ ξ ξ ξ ξ ξ ξ ξ ξ ξ ξ ξ ξ ξ ξ ξ ξ ξ ξ ξ ξ ξ ξ ξ ξ ξ ξ ξ
Πολλά προβλήματα
ξ ξ ξ ξ ξ ξ ξ ξ ξ ξ ξ ξ ξ ξ ξ ξ ξ ξ ξ ξ ξ ξ ξ ξ ξ ξ ξ ξ ξ ξ ξ ξ ξ ξ ξ ξ ξ ξ ξ ξ ξ ξ ξ ξ ξ ξ ξ ξ ξ ξ ξ ξ ξ ξ ξ ξ ξ ξ ξ ξ ξ ξ ξ ξ ξ ξ ξ ξ ξ ξ ξ ξ ξ ξ ξ ξ ξ ξ ξ ξ ξ ξ ξ ξ ξ ξ ξ ξ ξ ξ ξ ξ ξ ξ ξ ξ ξ ξ ξ ξ ξ ξ ξ ξ ξ ξ ξ ξ ξ ξ ξ ξ ξ ξ ξ ξ ξ ξ ξ ξ ξ ξ ξ ξ ξ ξ ξ ξ ξ
ξ ξ ξ ξ ξ ξ ξ ξ ξ ξ ξ ξ ξ ξ ξ ξ ξ ξ ξ ξ ξ ξ ξ ξ ξ ξ ξ ξ ξ ξ ξ ξ ξ ξ ξ ξ ξ ξ ξ ξ ξ ξ ξ ξ ξ ξ ξ ξ ξ ξ ξ ξ ξ ξ ξ ξ ξ ξ ξ ξ ξ ξ ξ ξ
«Τακτικός έλεγχος»
ξ ξ ξ ξ ξ ξ ξ ξ ξ ξ ξ ξ ξ ξ ξ ξ ξ ξ ξ ξ ξ ξ ξ ξ ξ ξ ξ ξ ξ ξ ξ ξ ξ ξ ξ ξ ξ ξ ξ ξ ξ ξ ξ ξ ξ ξ ξ ξ ξ ξ ξ ξ ξ ξ ξ ξ ξ ξ ξ ξ ξ ξ ξ ξ ξ ξ ξ ξ ξ ξ ξ ξ ξ ξ ξ ξ ξ ξ ξ ξ ξ ξ ξ ξ ξ ξ ξ ξ ξ ξ ξ ξ ξ ξ ξ ξ ξ
Θ.Δ.
